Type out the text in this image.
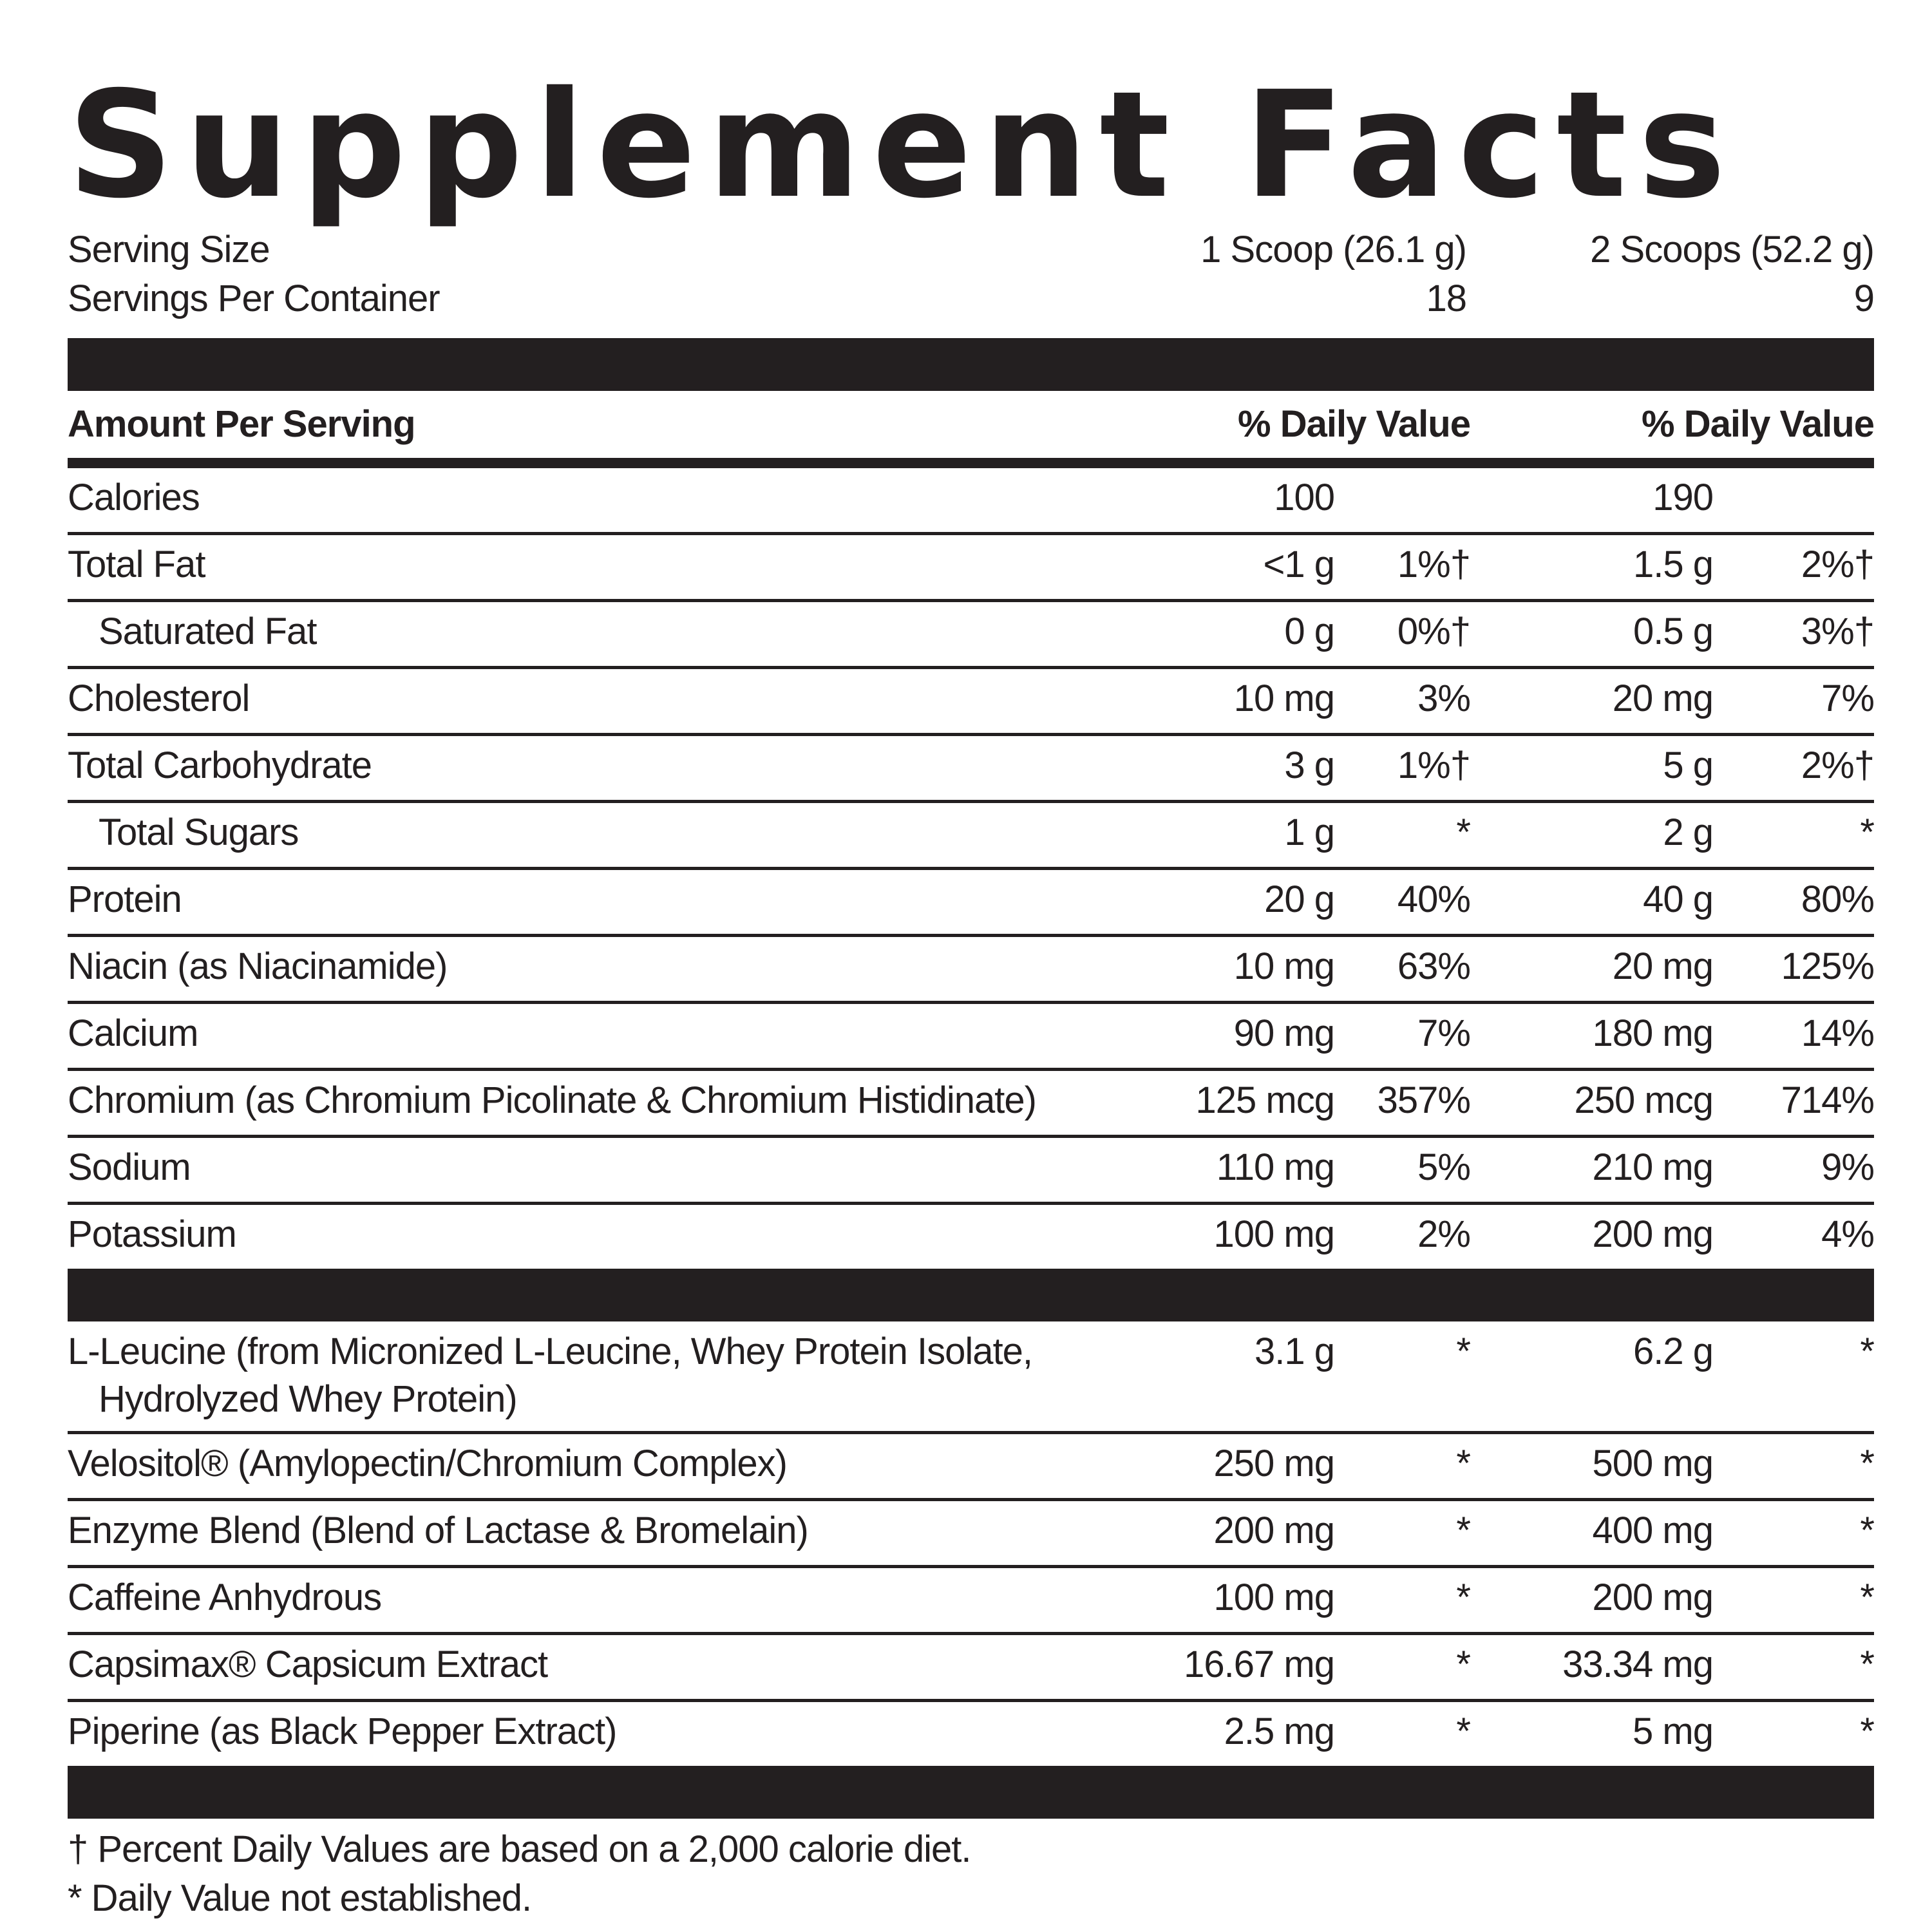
Supplement Facts
Serving Size	1 Scoop (26.1 g)	2 Scoops (52.2 g)
Servings Per Container	18	9
Amount Per Serving	% Daily Value	% Daily Value
Calories	100	190
Total Fat	<1 g 1%†	1.5 g 2%†
Saturated Fat	0 g 0%†	0.5 g 3%†
Cholesterol	10 mg 3%	20 mg	7%
Total Carbohydrate	3 g 1%†	5 g 2%†
Total Sugars	1 g	*	2 g	*
Protein	20 g 40%	40 g 80%
Niacin (as Niacinamide)	10 mg 63%	20 mg 125%
Calcium	90 mg 7%	180 mg 14%
Chromium (as Chromium Picolinate & Chromium Histidinate)	125 mcg 357%	250 mcg 714%
Sodium	110 mg 5%	210 mg	9%
Potassium	100 mg 2%	200 mg	4%
L-Leucine (from Micronized L-Leucine, Whey Protein Isolate,
Hydrolyzed Whey Protein)
3.1 g	*	6.2 g	*
Velositol® (Amylopectin/Chromium Complex)	250 mg	*	500 mg	*
Enzyme Blend (Blend of Lactase & Bromelain)	200 mg	*	400 mg	*
Caffeine Anhydrous	100 mg	*	200 mg	*
Capsimax® Capsicum Extract	16.67 mg	* 33.34 mg	*
Piperine (as Black Pepper Extract)	2.5 mg	*	5 mg	*
† Percent Daily Values are based on a 2,000 calorie diet.
* Daily Value not established.
